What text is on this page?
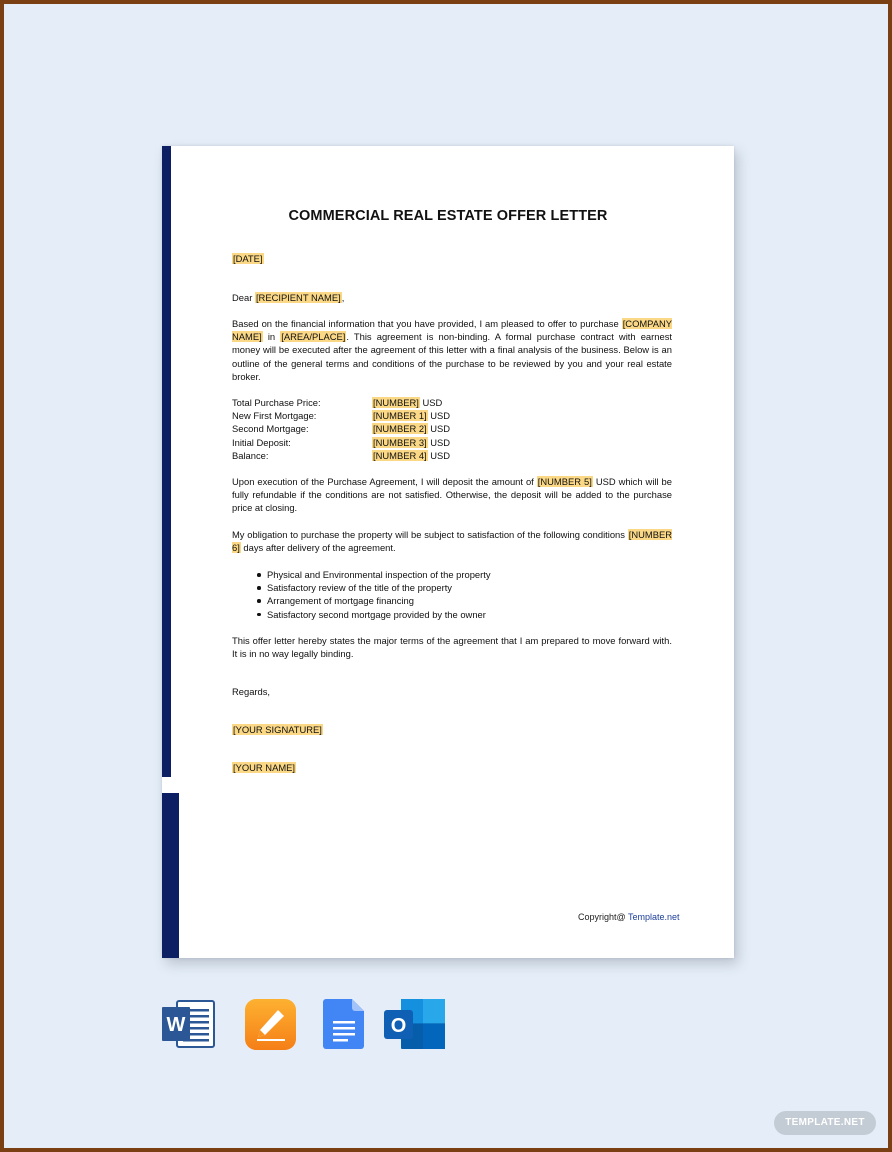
COMMERCIAL REAL ESTATE OFFER LETTER
[DATE]
Dear [RECIPIENT NAME],
Based on the financial information that you have provided, I am pleased to offer to purchase [COMPANY NAME] in [AREA/PLACE]. This agreement is non-binding. A formal purchase contract with earnest money will be executed after the agreement of this letter with a final analysis of the business. Below is an outline of the general terms and conditions of the purchase to be reviewed by you and your real estate broker.
Total Purchase Price:	[NUMBER] USD
New First Mortgage:	[NUMBER 1] USD
Second Mortgage:	[NUMBER 2] USD
Initial Deposit:	[NUMBER 3] USD
Balance:	[NUMBER 4] USD
Upon execution of the Purchase Agreement, I will deposit the amount of [NUMBER 5] USD which will be fully refundable if the conditions are not satisfied. Otherwise, the deposit will be added to the purchase price at closing.
My obligation to purchase the property will be subject to satisfaction of the following conditions [NUMBER 6] days after delivery of the agreement.
Physical and Environmental inspection of the property
Satisfactory review of the title of the property
Arrangement of mortgage financing
Satisfactory second mortgage provided by the owner
This offer letter hereby states the major terms of the agreement that I am prepared to move forward with. It is in no way legally binding.
Regards,
[YOUR SIGNATURE]
[YOUR NAME]
Copyright@ Template.net
W	O
TEMPLATE.NET
